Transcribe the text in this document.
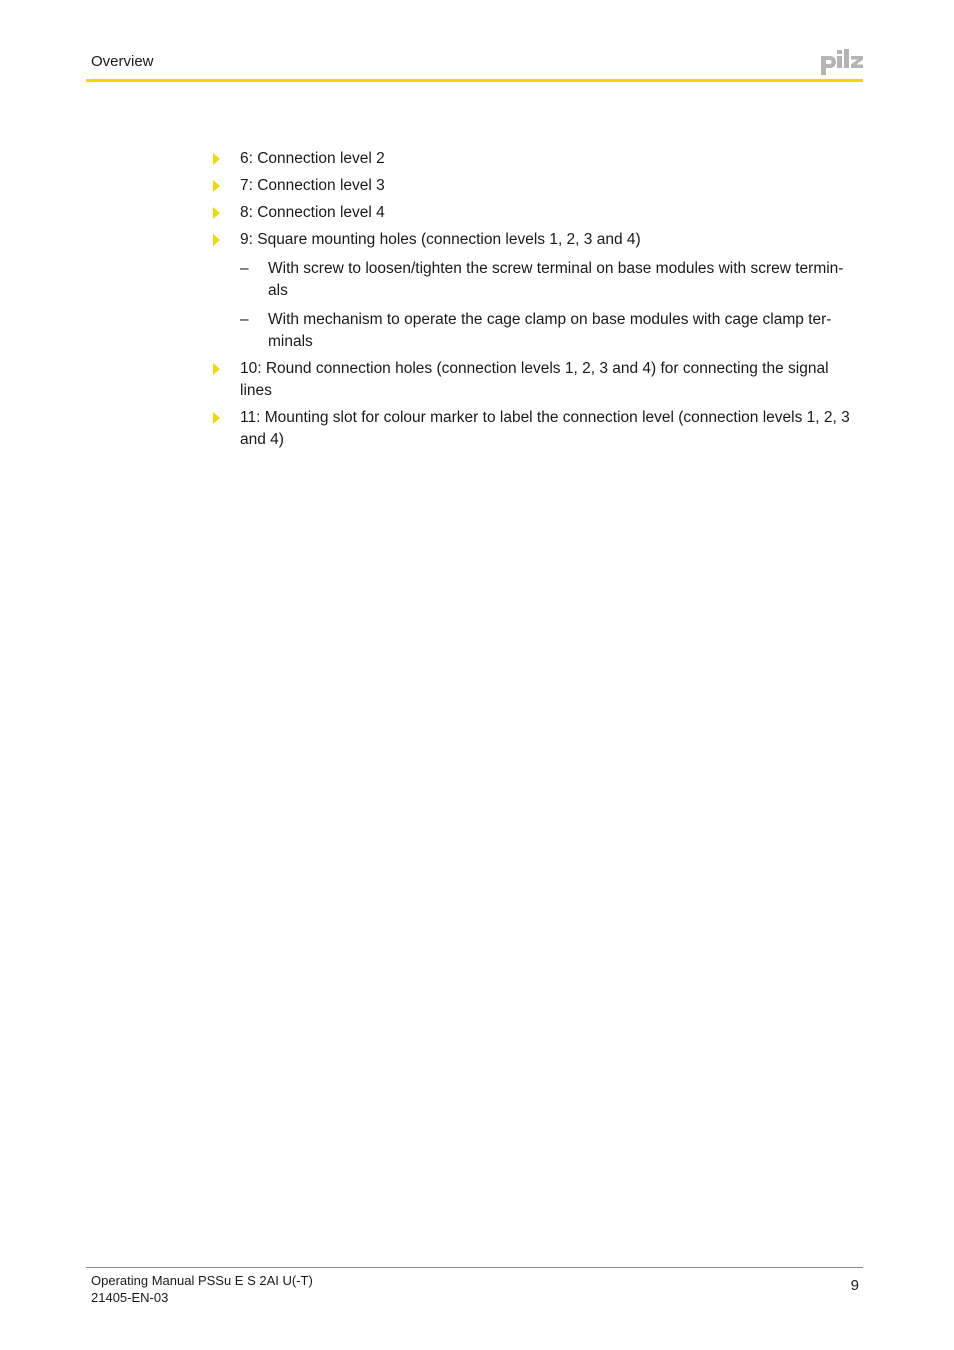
Overview
6: Connection level 2
7: Connection level 3
8: Connection level 4
9: Square mounting holes (connection levels 1, 2, 3 and 4)
– With screw to loosen/tighten the screw terminal on base modules with screw termin-als
– With mechanism to operate the cage clamp on base modules with cage clamp ter-minals
10: Round connection holes (connection levels 1, 2, 3 and 4) for connecting the signal lines
11: Mounting slot for colour marker to label the connection level (connection levels 1, 2, 3 and 4)
Operating Manual PSSu E S 2AI U(-T)
21405-EN-03
9
